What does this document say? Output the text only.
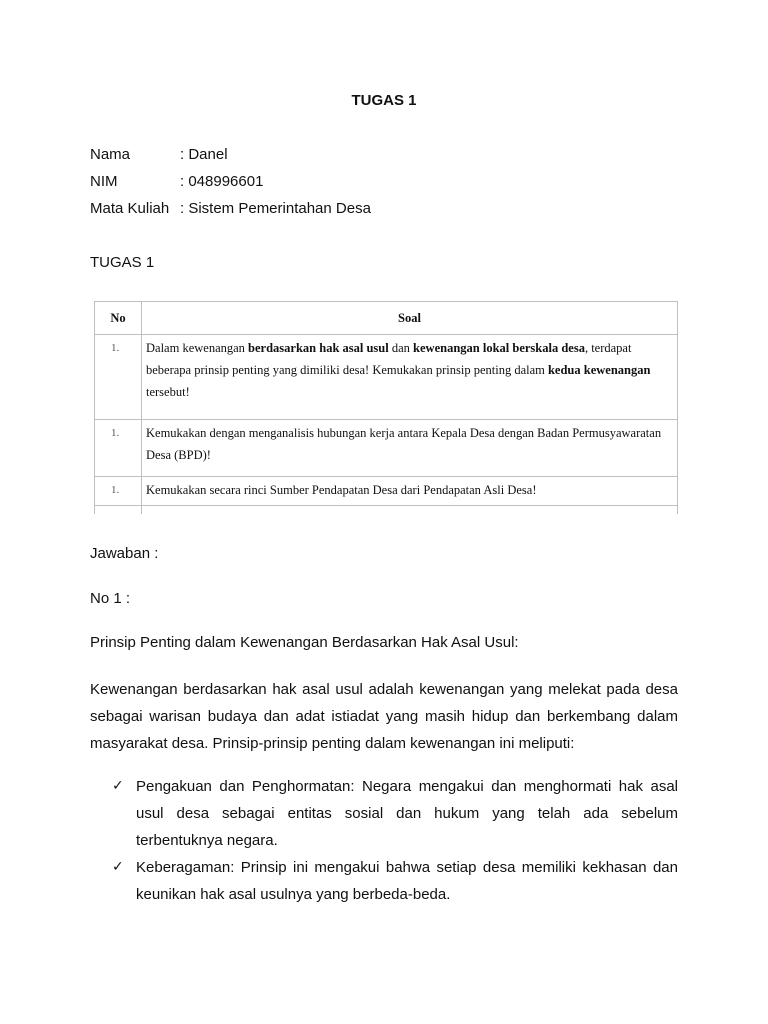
TUGAS 1
Nama	: Danel
NIM	: 048996601
Mata Kuliah : Sistem Pemerintahan Desa
TUGAS 1
No	Soal
1.	Dalam kewenangan berdasarkan hak asal usul dan kewenangan lokal berskala desa, terdapat beberapa prinsip penting yang dimiliki desa! Kemukakan prinsip penting dalam kedua kewenangan tersebut!
1.	Kemukakan dengan menganalisis hubungan kerja antara Kepala Desa dengan Badan Permusyawaratan Desa (BPD)!
1.	Kemukakan secara rinci Sumber Pendapatan Desa dari Pendapatan Asli Desa!

Jawaban :
No 1 :
Prinsip Penting dalam Kewenangan Berdasarkan Hak Asal Usul:
Kewenangan berdasarkan hak asal usul adalah kewenangan yang melekat pada desa sebagai warisan budaya dan adat istiadat yang masih hidup dan berkembang dalam masyarakat desa. Prinsip-prinsip penting dalam kewenangan ini meliputi:
✓ Pengakuan dan Penghormatan: Negara mengakui dan menghormati hak asal usul desa sebagai entitas sosial dan hukum yang telah ada sebelum terbentuknya negara.
✓ Keberagaman: Prinsip ini mengakui bahwa setiap desa memiliki kekhasan dan keunikan hak asal usulnya yang berbeda-beda.
